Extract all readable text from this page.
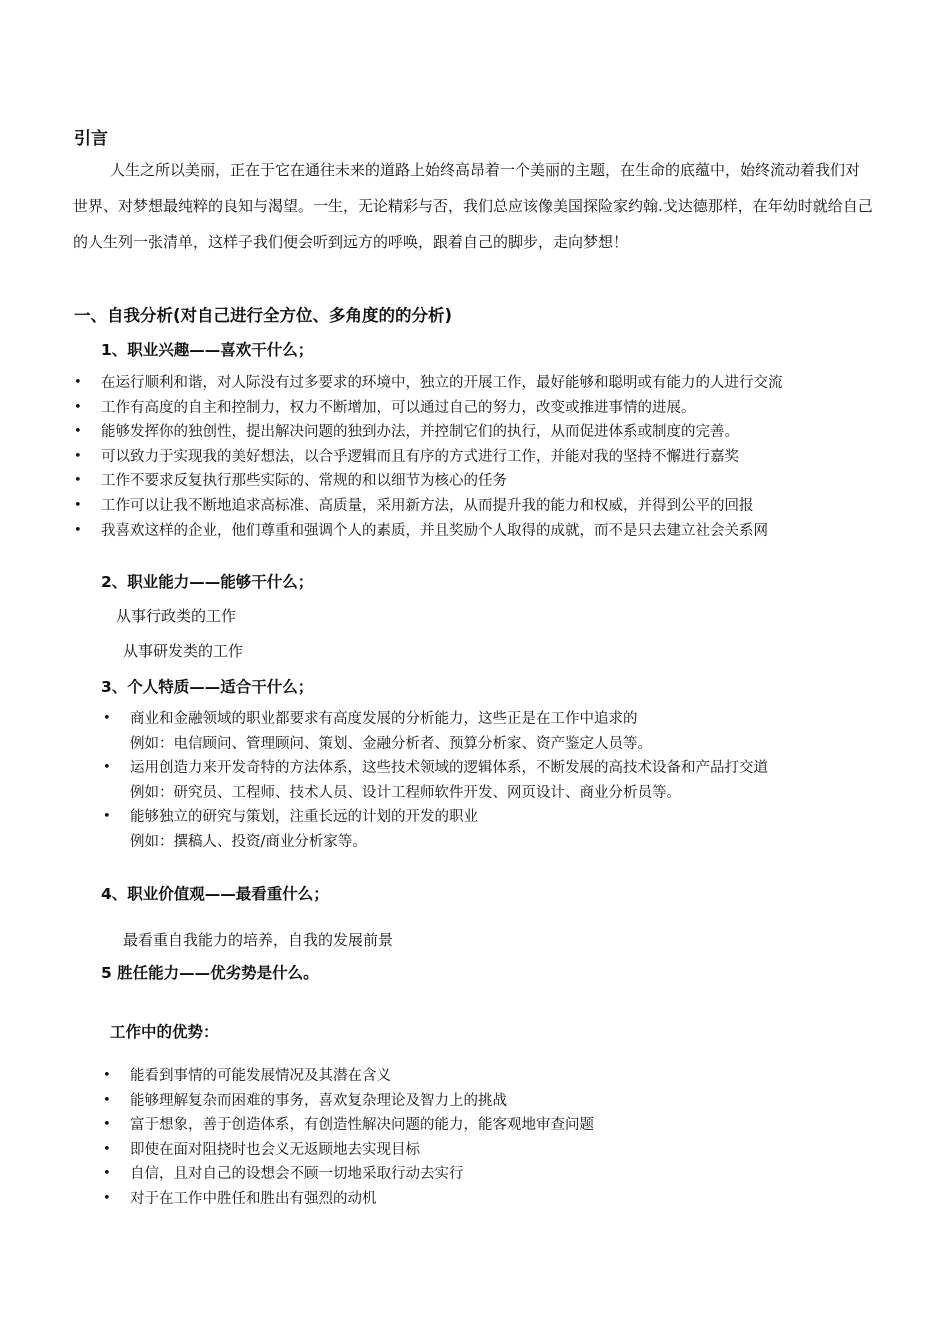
引言

人生之所以美丽，正在于它在通往未来的道路上始终高昂着一个美丽的主题，在生命的底蕴中，始终流动着我们对
世界、对梦想最纯粹的良知与渴望。一生，无论精彩与否，我们总应该像美国探险家约翰.戈达德那样，在年幼时就给自己
的人生列一张清单，这样子我们便会听到远方的呼唤，跟着自己的脚步，走向梦想！

一、自我分析(对自己进行全方位、多角度的的分析)
1、职业兴趣——喜欢干什么；
• 在运行顺利和谐，对人际没有过多要求的环境中，独立的开展工作，最好能够和聪明或有能力的人进行交流
• 工作有高度的自主和控制力，权力不断增加，可以通过自己的努力，改变或推进事情的进展。
• 能够发挥你的独创性，提出解决问题的独到办法，并控制它们的执行，从而促进体系或制度的完善。
• 可以致力于实现我的美好想法，以合乎逻辑而且有序的方式进行工作，并能对我的坚持不懈进行嘉奖
• 工作不要求反复执行那些实际的、常规的和以细节为核心的任务
• 工作可以让我不断地追求高标准、高质量，采用新方法，从而提升我的能力和权威，并得到公平的回报
• 我喜欢这样的企业，他们尊重和强调个人的素质，并且奖励个人取得的成就，而不是只去建立社会关系网
2、职业能力——能够干什么；
从事行政类的工作
从事研发类的工作
3、个人特质——适合干什么；
• 商业和金融领域的职业都要求有高度发展的分析能力，这些正是在工作中追求的
例如：电信顾问、管理顾问、策划、金融分析者、预算分析家、资产鉴定人员等。
• 运用创造力来开发奇特的方法体系，这些技术领域的逻辑体系，不断发展的高技术设备和产品打交道
例如：研究员、工程师、技术人员、设计工程师软件开发、网页设计、商业分析员等。
• 能够独立的研究与策划，注重长远的计划的开发的职业
例如：撰稿人、投资/商业分析家等。
4、职业价值观——最看重什么；
最看重自我能力的培养，自我的发展前景
5 胜任能力——优劣势是什么。
工作中的优势：
• 能看到事情的可能发展情况及其潜在含义
• 能够理解复杂而困难的事务，喜欢复杂理论及智力上的挑战
• 富于想象，善于创造体系，有创造性解决问题的能力，能客观地审查问题
• 即使在面对阻挠时也会义无返顾地去实现目标
• 自信，且对自己的设想会不顾一切地采取行动去实行
• 对于在工作中胜任和胜出有强烈的动机
